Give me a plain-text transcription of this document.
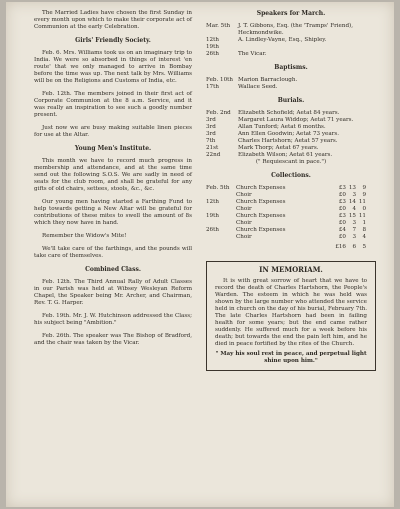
The Married Ladies have chosen the first Sunday in every month upon which to make their corporate act of Communion at the early Celebration.

Girls' Friendly Society.

Feb. 6. Mrs. Williams took us on an imaginary trip to India. We were so absorbed in things of interest 'en route' that we only managed to arrive in Bombay before the time was up. The next talk by Mrs. Williams will be on the Religions and Customs of India, etc.

Feb. 12th. The members joined in their first act of Corporate Communion at the 8 a.m. Service, and it was really an inspiration to see such a goodly number present.

Just now we are busy making suitable linen pieces for use at the Altar.

Young Men's Institute.

This month we have to record much progress in membership and attendance, and at the same time send out the following S.O.S. We are sadly in need of seats for the club room, and shall be grateful for any gifts of old chairs, settees, stools, &c., &c.

Our young men having started a Farthing Fund to help towards getting a New Altar will be grateful for contributions of these mites to swell the amount of 8s which they now have in hand.

Remember the Widow's Mite!

We'll take care of the farthings, and the pounds will take care of themselves.

Combined Class.

Feb. 12th. The Third Annual Rally of Adult Classes in our Parish was held at Wibsey Wesleyan Reform Chapel, the Speaker being Mr. Archer, and Chairman, Rev. T. G. Harper.

Feb. 19th. Mr. J. W. Hutchinson addressed the Class; his subject being "Ambition."

Feb. 26th. The speaker was The Bishop of Bradford, and the chair was taken by the Vicar.

Speakers for March.
Mar. 5th	J. T. Gibbons, Esq. (the 'Tramps' Friend), Heckmondwike.
12th	A. Lindley-Vayne, Esq., Shipley.
19th	
26th	The Vicar.
Baptisms.
Feb. 10th	Marion Barraclough.
17th	Wallace Seed.
Burials.
Feb. 2nd	Elizabeth Schofield; Aetat 84 years.
3rd	Margaret Laura Widdop; Aetat 71 years.
3rd	Allan Tunford; Aetat 6 months.
3rd	Ann Ellen Goodwin; Aetat 73 years.
7th	Charles Hartshorn; Aetat 57 years.
21st	Mark Thorp; Aetat 67 years.
22nd	Elizabeth Wilson; Aetat 61 years.
(" Requiescant in pace.")
Collections.
Feb. 5th	Church Expenses	£3	13	9
	Choir	£0	3	9
12th	Church Expenses	£3	14	11
	Choir	£0	4	0
19th	Church Expenses	£3	15	11
	Choir	£0	3	1
26th	Church Expenses	£4	7	8
	Choir	£0	3	4
		£16	6	5
IN MEMORIAM.

It is with great sorrow of heart that we have to record the death of Charles Hartshorn, the People's Warden. The esteem in which he was held was shown by the large number who attended the service held in church on the day of his burial, February 7th. The late Charles Hartshorn had been in failing health for some years; but the end came rather suddenly. He suffered much for a week before his death; but towards the end the pain left him, and he died in peace fortified by the rites of the Church.

" May his soul rest in peace, and perpetual light shine upon him."
